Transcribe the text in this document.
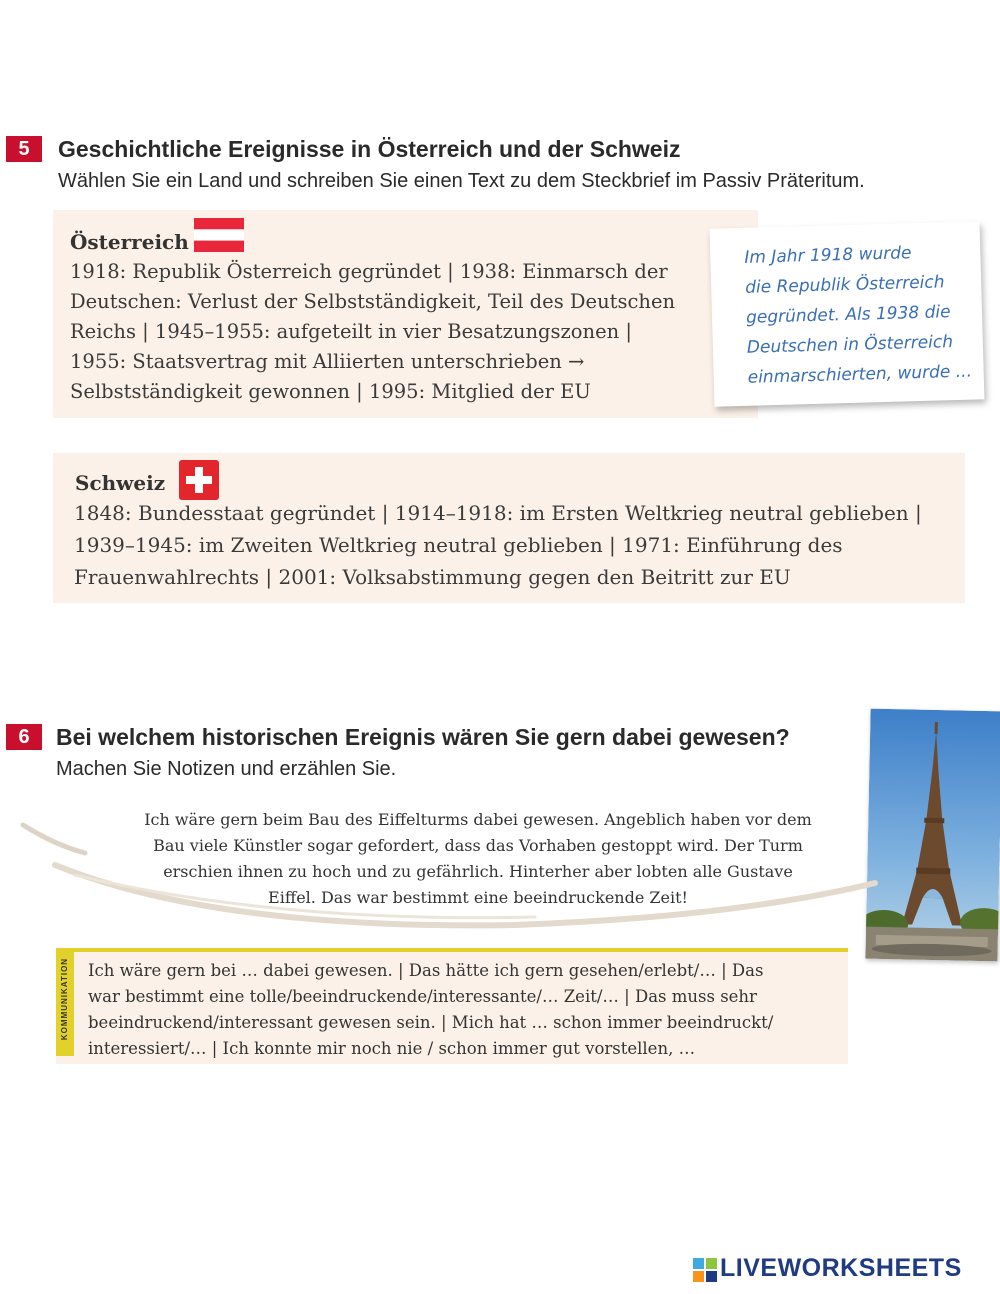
5	Geschichtliche Ereignisse in Österreich und der Schweiz
Wählen Sie ein Land und schreiben Sie einen Text zu dem Steckbrief im Passiv Präteritum.
Österreich
1918: Republik Österreich gegründet | 1938: Einmarsch der
Deutschen: Verlust der Selbstständigkeit, Teil des Deutschen
Reichs | 1945–1955: aufgeteilt in vier Besatzungszonen |
1955: Staatsvertrag mit Alliierten unterschrieben →
Selbstständigkeit gewonnen | 1995: Mitglied der EU
Im Jahr 1918 wurde
die Republik Österreich
gegründet. Als 1938 die
Deutschen in Österreich
einmarschierten, wurde ...
Schweiz
1848: Bundesstaat gegründet | 1914–1918: im Ersten Weltkrieg neutral geblieben |
1939–1945: im Zweiten Weltkrieg neutral geblieben | 1971: Einführung des
Frauenwahlrechts | 2001: Volksabstimmung gegen den Beitritt zur EU
6	Bei welchem historischen Ereignis wären Sie gern dabei gewesen?
Machen Sie Notizen und erzählen Sie.
Ich wäre gern beim Bau des Eiffelturms dabei gewesen. Angeblich haben vor dem
Bau viele Künstler sogar gefordert, dass das Vorhaben gestoppt wird. Der Turm
erschien ihnen zu hoch und zu gefährlich. Hinterher aber lobten alle Gustave
Eiffel. Das war bestimmt eine beeindruckende Zeit!
KOMMUNIKATION Ich wäre gern bei … dabei gewesen. | Das hätte ich gern gesehen/erlebt/… | Das
war bestimmt eine tolle/beeindruckende/interessante/… Zeit/… | Das muss sehr
beeindruckend/interessant gewesen sein. | Mich hat … schon immer beeindruckt/
interessiert/… | Ich konnte mir noch nie / schon immer gut vorstellen, …
LIVEWORKSHEETS
